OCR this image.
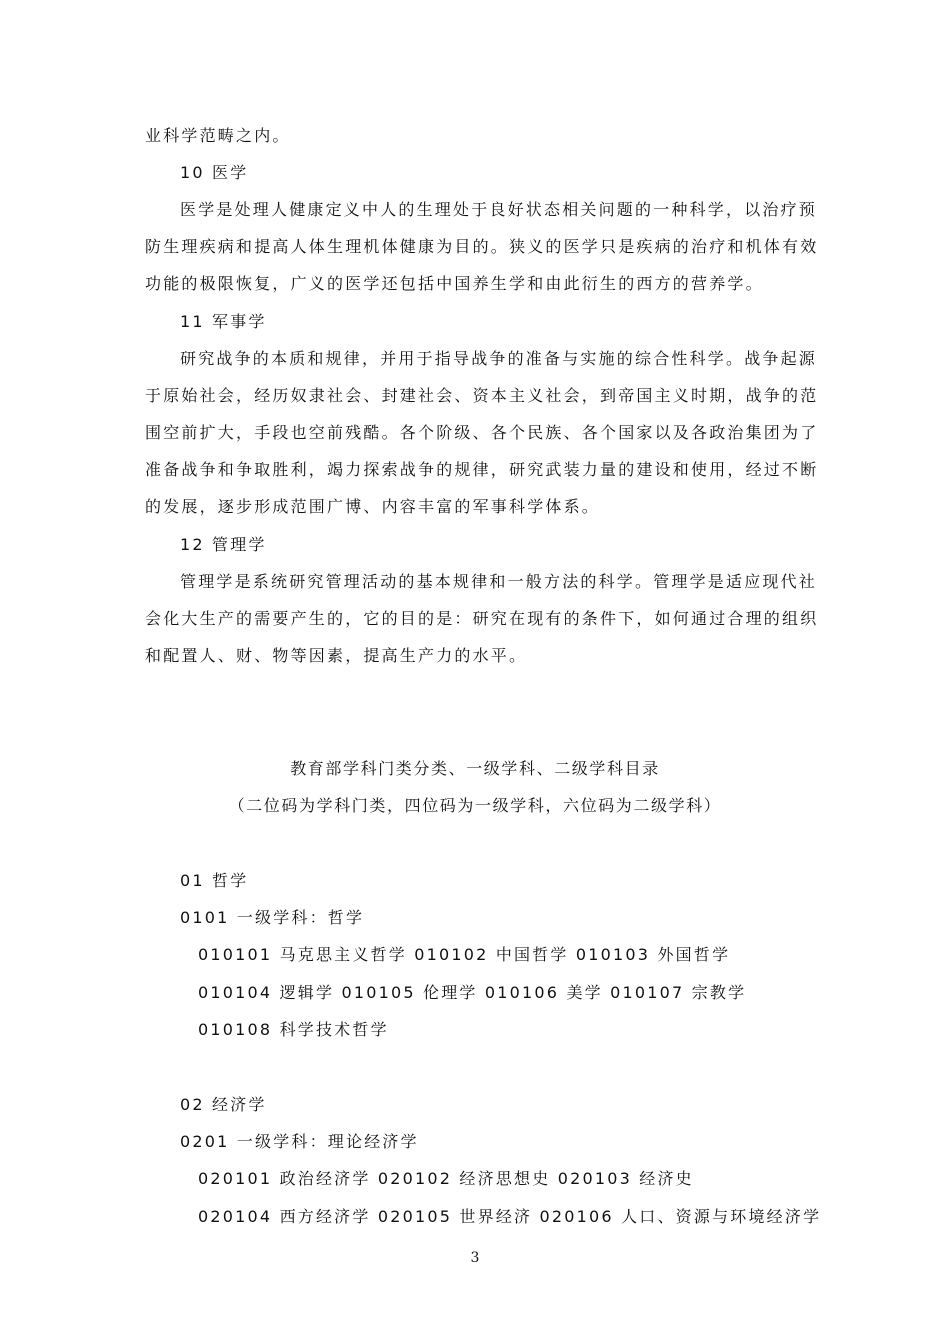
业科学范畴之内。
10 医学
医学是处理人健康定义中人的生理处于良好状态相关问题的一种科学，以治疗预
防生理疾病和提高人体生理机体健康为目的。狭义的医学只是疾病的治疗和机体有效
功能的极限恢复，广义的医学还包括中国养生学和由此衍生的西方的营养学。
11 军事学
研究战争的本质和规律，并用于指导战争的准备与实施的综合性科学。战争起源
于原始社会，经历奴隶社会、封建社会、资本主义社会，到帝国主义时期，战争的范
围空前扩大，手段也空前残酷。各个阶级、各个民族、各个国家以及各政治集团为了
准备战争和争取胜利，竭力探索战争的规律，研究武装力量的建设和使用，经过不断
的发展，逐步形成范围广博、内容丰富的军事科学体系。
12 管理学
管理学是系统研究管理活动的基本规律和一般方法的科学。管理学是适应现代社
会化大生产的需要产生的，它的目的是：研究在现有的条件下，如何通过合理的组织
和配置人、财、物等因素，提高生产力的水平。
教育部学科门类分类、一级学科、二级学科目录
（二位码为学科门类，四位码为一级学科，六位码为二级学科）
01 哲学
0101 一级学科：哲学
010101 马克思主义哲学 010102 中国哲学 010103 外国哲学
010104 逻辑学 010105 伦理学 010106 美学 010107 宗教学
010108 科学技术哲学
02 经济学
0201 一级学科：理论经济学
020101 政治经济学 020102 经济思想史 020103 经济史
020104 西方经济学 020105 世界经济 020106 人口、资源与环境经济学
3
